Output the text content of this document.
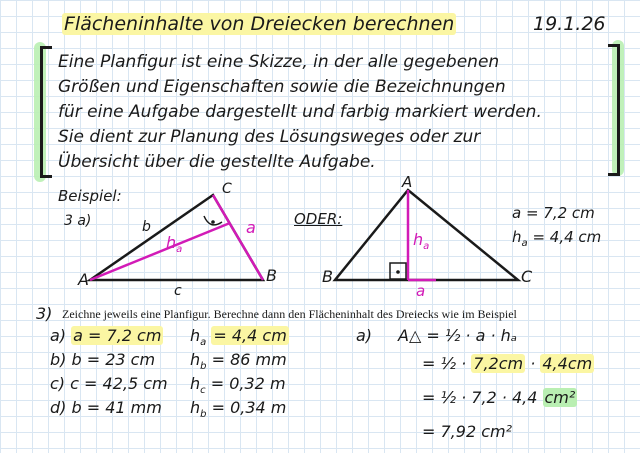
Flächeninhalte von Dreiecken berechnen	19.1.26
Eine Planfigur ist eine Skizze, in der alle gegebenen
Größen und Eigenschaften sowie die Bezeichnungen
für eine Aufgabe dargestellt und farbig markiert werden.
Sie dient zur Planung des Lösungsweges oder zur
Übersicht über die gestellte Aufgabe.
Beispiel:
3 a)	ODER:
A	B
C
a
b
c
$h_a$
A
B	C
a
$h_a$
a = 7,2 cm
$h_a = 4,4$ cm
3) Zeichne jeweils eine Planfigur. Berechne dann den Flächeninhalt des Dreiecks wie im Beispiel
a) a = 7,2 cm $h_a = 4,4$ cm
b) b = 23 cm $h_b = 86$ mm
c) c = 42,5 cm $h_c = 0,32$ m
d) b = 41 mm $h_b = 0,34$ m
a) A△ = ½ · a · hₐ
= ½ · 7,2cm · 4,4cm
= ½ · 7,2 · 4,4 cm²
= 7,92 cm²
